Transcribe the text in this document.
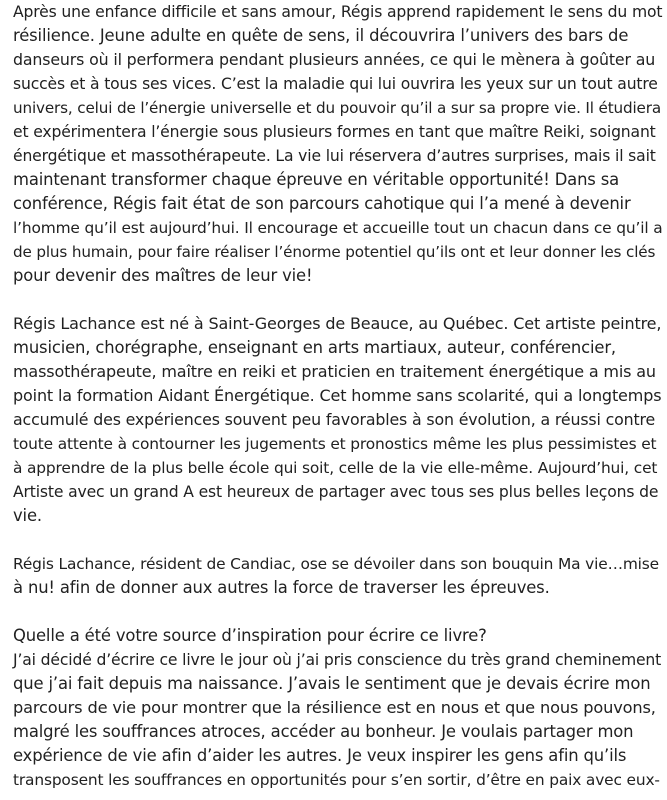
Après une enfance difficile et sans amour, Régis apprend rapidement le sens du mot
résilience. Jeune adulte en quête de sens, il découvrira l’univers des bars de
danseurs où il performera pendant plusieurs années, ce qui le mènera à goûter au
succès et à tous ses vices. C’est la maladie qui lui ouvrira les yeux sur un tout autre
univers, celui de l’énergie universelle et du pouvoir qu’il a sur sa propre vie. Il étudiera
et expérimentera l’énergie sous plusieurs formes en tant que maître Reiki, soignant
énergétique et massothérapeute. La vie lui réservera d’autres surprises, mais il sait
maintenant transformer chaque épreuve en véritable opportunité! Dans sa
conférence, Régis fait état de son parcours cahotique qui l’a mené à devenir
l’homme qu’il est aujourd’hui. Il encourage et accueille tout un chacun dans ce qu’il a
de plus humain, pour faire réaliser l’énorme potentiel qu’ils ont et leur donner les clés
pour devenir des maîtres de leur vie!
Régis Lachance est né à Saint-Georges de Beauce, au Québec. Cet artiste peintre,
musicien, chorégraphe, enseignant en arts martiaux, auteur, conférencier,
massothérapeute, maître en reiki et praticien en traitement énergétique a mis au
point la formation Aidant Énergétique. Cet homme sans scolarité, qui a longtemps
accumulé des expériences souvent peu favorables à son évolution, a réussi contre
toute attente à contourner les jugements et pronostics même les plus pessimistes et
à apprendre de la plus belle école qui soit, celle de la vie elle-même. Aujourd’hui, cet
Artiste avec un grand A est heureux de partager avec tous ses plus belles leçons de
vie.
Régis Lachance, résident de Candiac, ose se dévoiler dans son bouquin Ma vie…mise
à nu! afin de donner aux autres la force de traverser les épreuves.
Quelle a été votre source d’inspiration pour écrire ce livre?
J’ai décidé d’écrire ce livre le jour où j’ai pris conscience du très grand cheminement
que j’ai fait depuis ma naissance. J’avais le sentiment que je devais écrire mon
parcours de vie pour montrer que la résilience est en nous et que nous pouvons,
malgré les souffrances atroces, accéder au bonheur. Je voulais partager mon
expérience de vie afin d’aider les autres. Je veux inspirer les gens afin qu’ils
transposent les souffrances en opportunités pour s’en sortir, d’être en paix avec eux-
